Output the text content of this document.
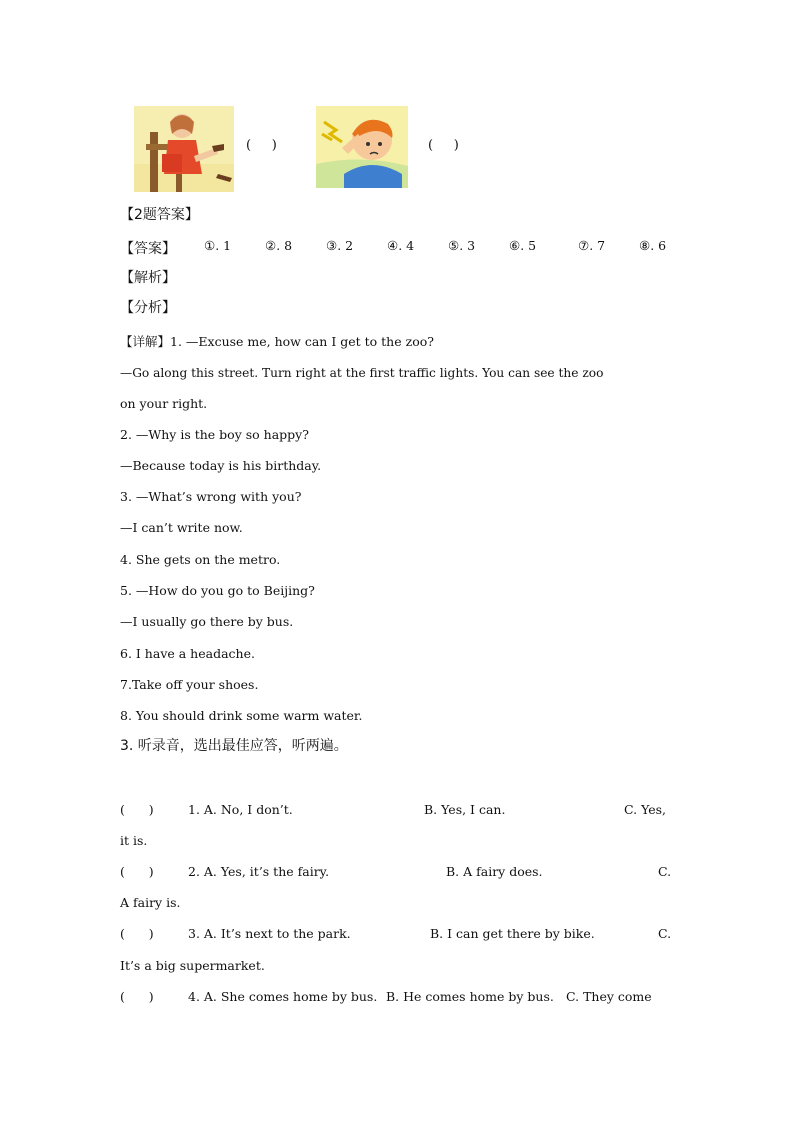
(     )	(     )
【2题答案】
【答案】 ①. 1	②. 8	③. 2	④. 4	⑤. 3	⑥. 5	⑦. 7	⑧. 6
【解析】
【分析】
【详解】1. —Excuse me, how can I get to the zoo?
—Go along this street. Turn right at the first traffic lights. You can see the zoo
on your right.
2. —Why is the boy so happy?
—Because today is his birthday.
3. —What’s wrong with you?
—I can’t write now.
4. She gets on the metro.
5. —How do you go to Beijing?
—I usually go there by bus.
6. I have a headache.
7.Take off your shoes.
8. You should drink some warm water.
3. 听录音，选出最佳应答，听两遍。
(      )	1. A. No, I don’t.	B. Yes, I can.	C. Yes,
it is.
(      )	2. A. Yes, it’s the fairy.	B. A fairy does.	C.
A fairy is.
(      )	3. A. It’s next to the park.	B. I can get there by bike.	C.
It’s a big supermarket.
(      )	4. A. She comes home by bus. B. He comes home by bus. C. They come
